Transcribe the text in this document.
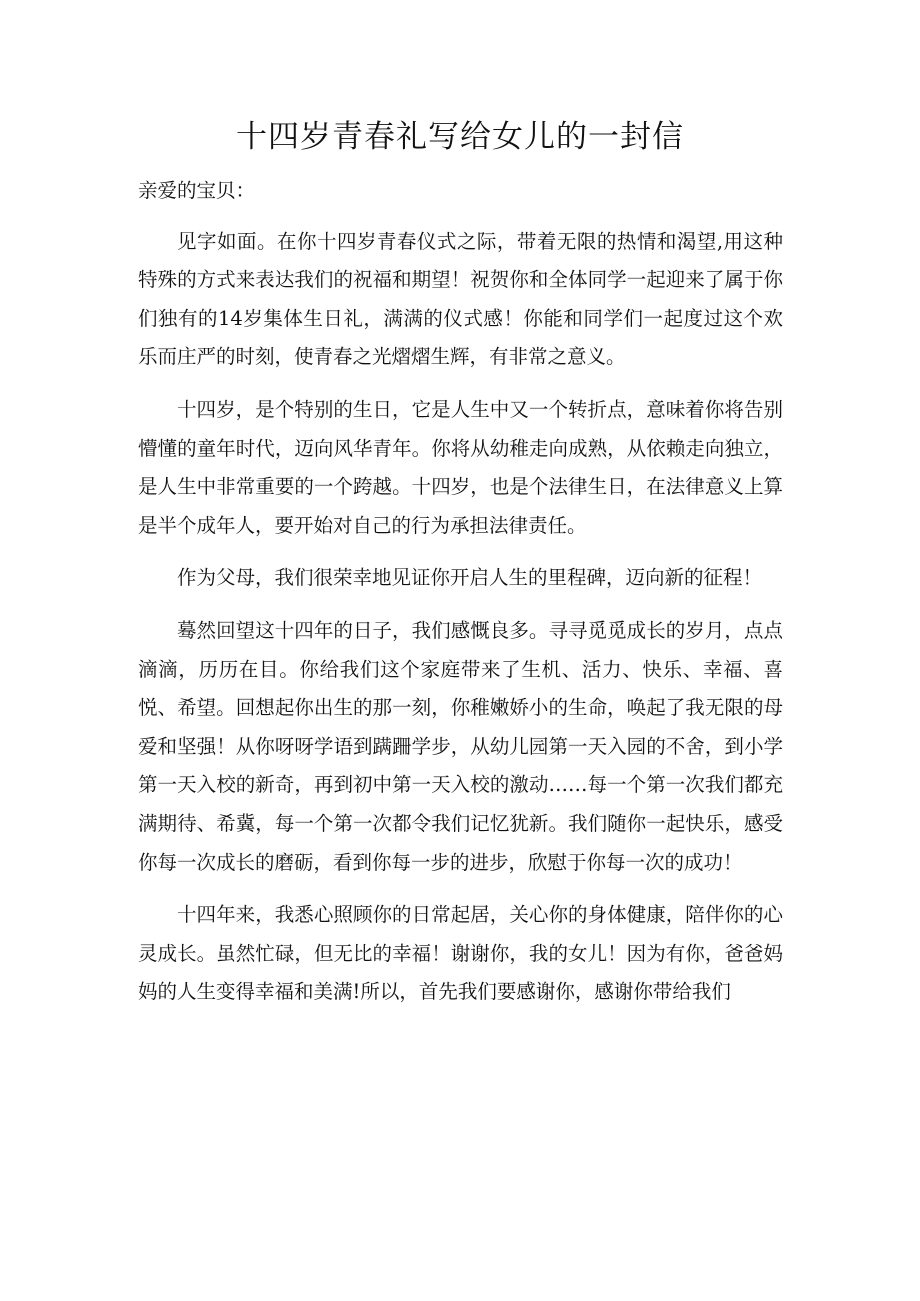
十四岁青春礼写给女儿的一封信

亲爱的宝贝：

见字如面。在你十四岁青春仪式之际，带着无限的热情和渴望,用这种特殊的方式来表达我们的祝福和期望！祝贺你和全体同学一起迎来了属于你们独有的14岁集体生日礼，满满的仪式感！你能和同学们一起度过这个欢乐而庄严的时刻，使青春之光熠熠生辉，有非常之意义。

十四岁，是个特别的生日，它是人生中又一个转折点，意味着你将告别懵懂的童年时代，迈向风华青年。你将从幼稚走向成熟，从依赖走向独立，是人生中非常重要的一个跨越。十四岁，也是个法律生日，在法律意义上算是半个成年人，要开始对自己的行为承担法律责任。

作为父母，我们很荣幸地见证你开启人生的里程碑，迈向新的征程！

蓦然回望这十四年的日子，我们感慨良多。寻寻觅觅成长的岁月，点点滴滴，历历在目。你给我们这个家庭带来了生机、活力、快乐、幸福、喜悦、希望。回想起你出生的那一刻，你稚嫩娇小的生命，唤起了我无限的母爱和坚强！从你呀呀学语到蹒跚学步，从幼儿园第一天入园的不舍，到小学第一天入校的新奇，再到初中第一天入校的激动……每一个第一次我们都充满期待、希冀，每一个第一次都令我们记忆犹新。我们随你一起快乐，感受你每一次成长的磨砺，看到你每一步的进步，欣慰于你每一次的成功！

十四年来，我悉心照顾你的日常起居，关心你的身体健康，陪伴你的心灵成长。虽然忙碌，但无比的幸福！谢谢你，我的女儿！因为有你，爸爸妈妈的人生变得幸福和美满!所以，首先我们要感谢你，感谢你带给我们
